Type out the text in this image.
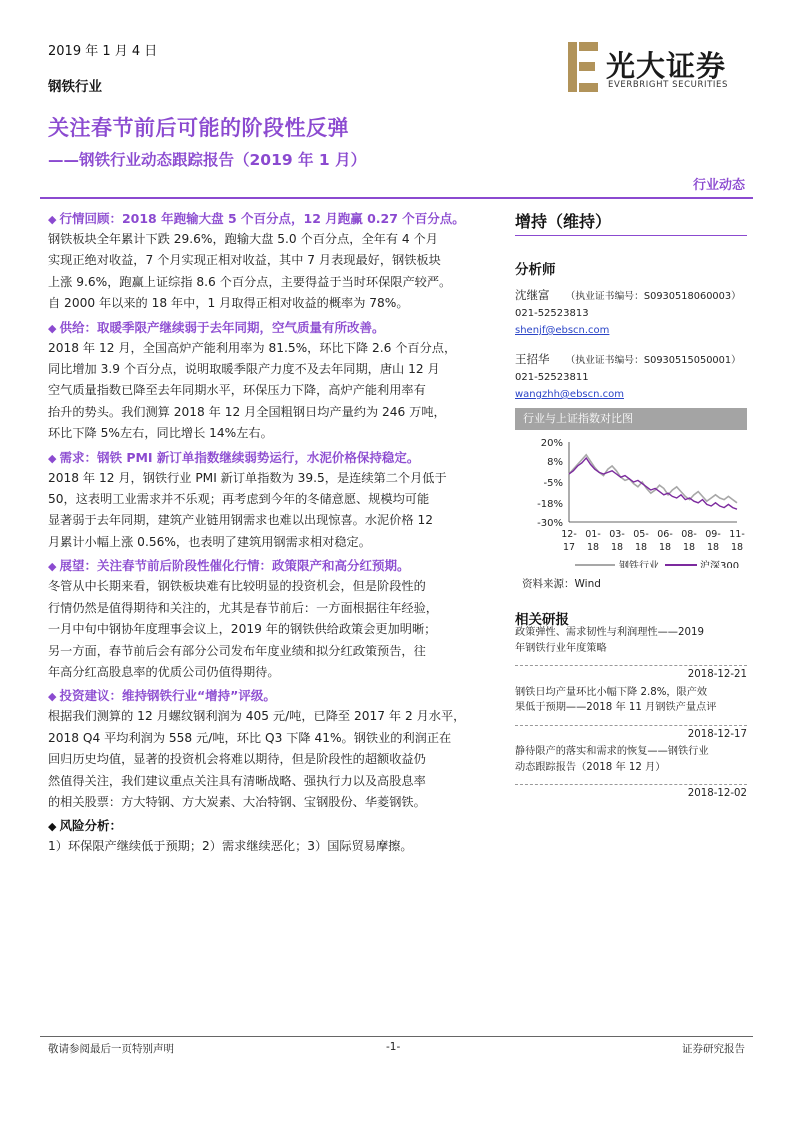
2019 年 1 月 4 日
钢铁行业
光大证券
EVERBRIGHT SECURITIES
关注春节前后可能的阶段性反弹
——钢铁行业动态跟踪报告（2019 年 1 月）
行业动态
◆ 行情回顾：2018 年跑输大盘 5 个百分点，12 月跑赢 0.27 个百分点。

钢铁板块全年累计下跌 29.6%，跑输大盘 5.0 个百分点，全年有 4 个月

实现正绝对收益，7 个月实现正相对收益，其中 7 月表现最好，钢铁板块

上涨 9.6%，跑赢上证综指 8.6 个百分点，主要得益于当时环保限产较严。

自 2000 年以来的 18 年中，1 月取得正相对收益的概率为 78%。

◆ 供给：取暖季限产继续弱于去年同期，空气质量有所改善。

2018 年 12 月，全国高炉产能利用率为 81.5%，环比下降 2.6 个百分点，

同比增加 3.9 个百分点，说明取暖季限产力度不及去年同期，唐山 12 月

空气质量指数已降至去年同期水平，环保压力下降，高炉产能利用率有

抬升的势头。我们测算 2018 年 12 月全国粗钢日均产量约为 246 万吨，

环比下降 5%左右，同比增长 14%左右。

◆ 需求：钢铁 PMI 新订单指数继续弱势运行，水泥价格保持稳定。

2018 年 12 月，钢铁行业 PMI 新订单指数为 39.5，是连续第二个月低于

50，这表明工业需求并不乐观；再考虑到今年的冬储意愿、规模均可能

显著弱于去年同期，建筑产业链用钢需求也难以出现惊喜。水泥价格 12

月累计小幅上涨 0.56%，也表明了建筑用钢需求相对稳定。

◆ 展望：关注春节前后阶段性催化行情：政策限产和高分红预期。

冬管从中长期来看，钢铁板块难有比较明显的投资机会，但是阶段性的

行情仍然是值得期待和关注的，尤其是春节前后：一方面根据往年经验，

一月中旬中钢协年度理事会议上，2019 年的钢铁供给政策会更加明晰；

另一方面，春节前后会有部分公司发布年度业绩和拟分红政策预告，往

年高分红高股息率的优质公司仍值得期待。

◆ 投资建议：维持钢铁行业“增持”评级。

根据我们测算的 12 月螺纹钢利润为 405 元/吨，已降至 2017 年 2 月水平，

2018 Q4 平均利润为 558 元/吨，环比 Q3 下降 41%。钢铁业的利润正在

回归历史均值，显著的投资机会将难以期待，但是阶段性的超额收益仍

然值得关注，我们建议重点关注具有清晰战略、强执行力以及高股息率

的相关股票：方大特钢、方大炭素、大冶特钢、宝钢股份、华菱钢铁。

◆ 风险分析：

1）环保限产继续低于预期；2）需求继续恶化；3）国际贸易摩擦。

增持（维持）
分析师
沈继富 （执业证书编号：S0930518060003）
021-52523813
shenjf@ebscn.com
王招华 （执业证书编号：S0930515050001）
021-52523811
wangzhh@ebscn.com
行业与上证指数对比图
20%
8%
-5%
-18%
-30%
12-
17
01-
18
03-
18
05-
18
06-
18
08-
18
09-
18
11-
18
钢铁行业	沪深300
资料来源：Wind
相关研报
政策弹性、需求韧性与利润理性——2019
年钢铁行业年度策略
2018-12-21
钢铁日均产量环比小幅下降 2.8%，限产效
果低于预期——2018 年 11 月钢铁产量点评
2018-12-17
静待限产的落实和需求的恢复——钢铁行业
动态跟踪报告（2018 年 12 月）
2018-12-02
敬请参阅最后一页特别声明	-1-	证券研究报告
